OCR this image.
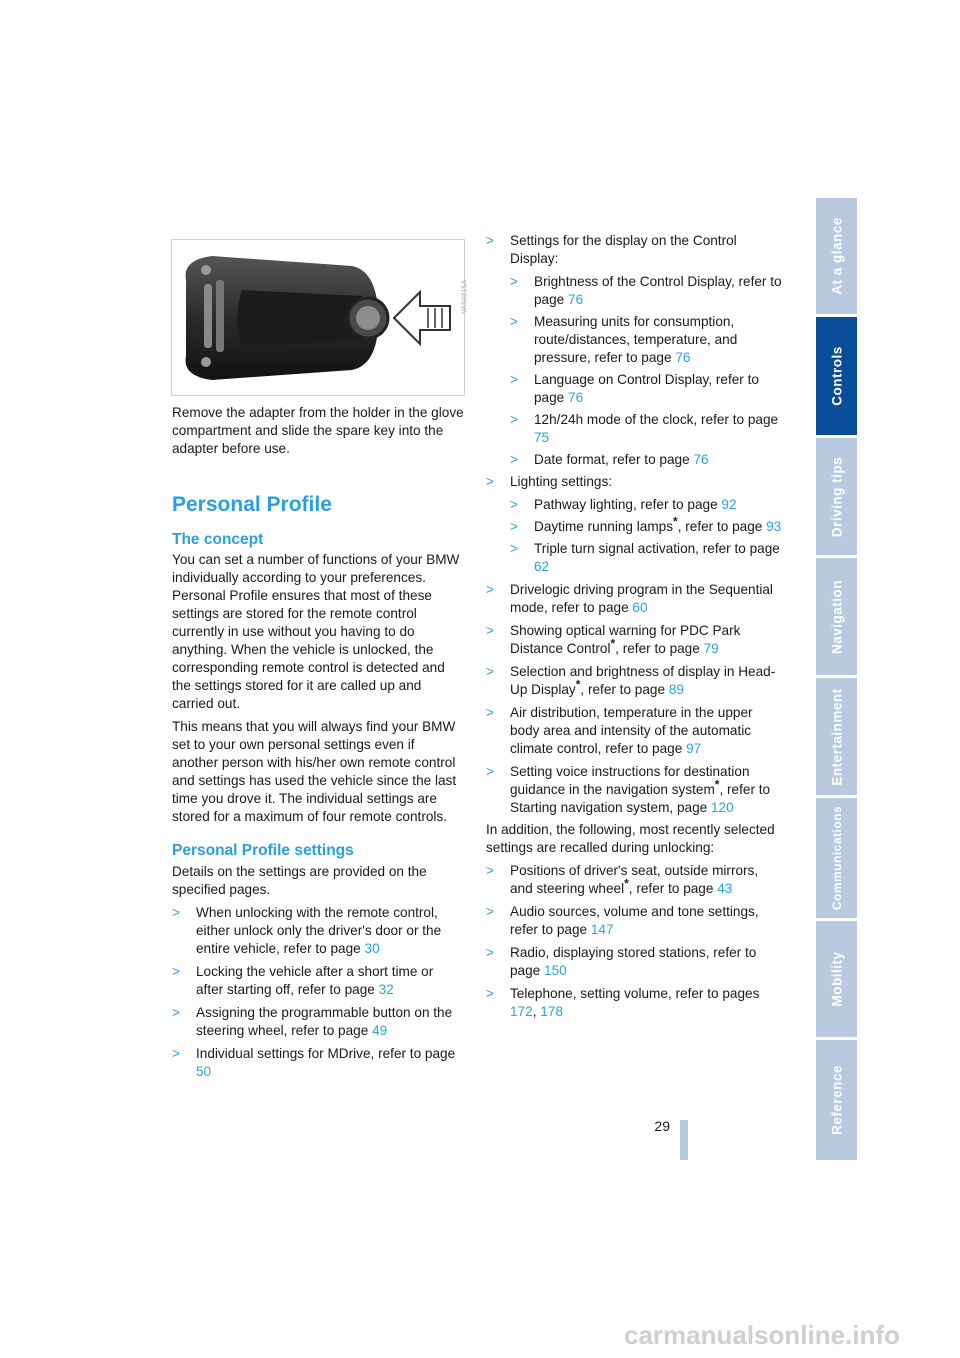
VAS0315A

Remove the adapter from the holder in the glove compartment and slide the spare key into the adapter before use.

Personal Profile
The concept

You can set a number of functions of your BMW individually according to your preferences. Personal Profile ensures that most of these settings are stored for the remote control currently in use without you having to do anything. When the vehicle is unlocked, the corresponding remote control is detected and the settings stored for it are called up and carried out.

This means that you will always find your BMW set to your own personal settings even if another person with his/her own remote control and settings has used the vehicle since the last time you drove it. The individual settings are stored for a maximum of four remote controls.

Personal Profile settings

Details on the settings are provided on the specified pages.

> When unlocking with the remote control, either unlock only the driver's door or the entire vehicle, refer to page 30
> Locking the vehicle after a short time or after starting off, refer to page 32
> Assigning the programmable button on the steering wheel, refer to page 49
> Individual settings for MDrive, refer to page 50
> Settings for the display on the Control Display:
> Brightness of the Control Display, refer to page 76
> Measuring units for consumption, route/distances, temperature, and pressure, refer to page 76
> Language on Control Display, refer to page 76
> 12h/24h mode of the clock, refer to page 75
> Date format, refer to page 76
> Lighting settings:
> Pathway lighting, refer to page 92
> Daytime running lamps*, refer to page 93
> Triple turn signal activation, refer to page 62
> Drivelogic driving program in the Sequential mode, refer to page 60
> Showing optical warning for PDC Park Distance Control*, refer to page 79
> Selection and brightness of display in Head-Up Display*, refer to page 89
> Air distribution, temperature in the upper body area and intensity of the automatic climate control, refer to page 97
> Setting voice instructions for destination guidance in the navigation system*, refer to Starting navigation system, page 120

In addition, the following, most recently selected settings are recalled during unlocking:

> Positions of driver's seat, outside mirrors, and steering wheel*, refer to page 43
> Audio sources, volume and tone settings, refer to page 147
> Radio, displaying stored stations, refer to page 150
> Telephone, setting volume, refer to pages 172, 178
29
At a glance
Controls
Driving tips
Navigation
Entertainment
Communications
Mobility
Reference
carmanualsonline.info
